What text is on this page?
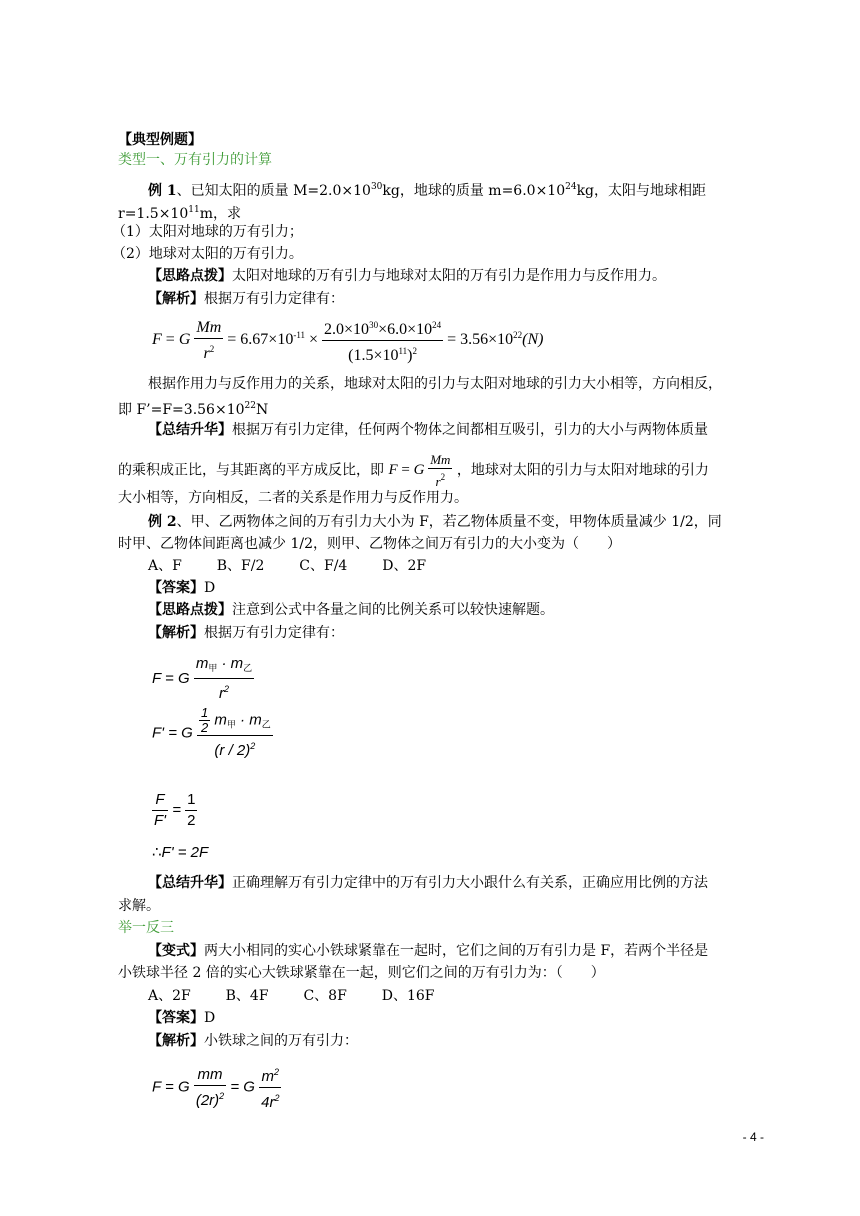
【典型例题】
类型一、万有引力的计算
例 1、已知太阳的质量 $M=2.0\times 10^{30}kg$，地球的质量 $m=6.0\times 10^{24}kg$，太阳与地球相距
$r=1.5\times 10^{11}m$，求
（1）太阳对地球的万有引力；
（2）地球对太阳的万有引力。
【思路点拨】太阳对地球的万有引力与地球对太阳的万有引力是作用力与反作用力。
【解析】根据万有引力定律有：
F = G $\frac{Mm}{r^2} = 6.67\times 10^{-11} \times \frac{2.0\times 10^{30}\times 6.0\times 10^{24}}{(1.5\times 10^{11})^2} = 3.56\times 10^{22}(N)$
根据作用力与反作用力的关系，地球对太阳的引力与太阳对地球的引力大小相等，方向相反，
即 $F’=F=3.56\times 10^{22}N$
【总结升华】根据万有引力定律，任何两个物体之间都相互吸引，引力的大小与两物体质量
的乘积成正比，与其距离的平方成反比，即 F = G $\frac{Mm}{r^2}$ ，地球对太阳的引力与太阳对地球的引力
大小相等，方向相反，二者的关系是作用力与反作用力。
例 2、甲、乙两物体之间的万有引力大小为 F，若乙物体质量不变，甲物体质量减少 1/2，同
时甲、乙物体间距离也减少 1/2，则甲、乙物体之间万有引力的大小变为（　　）
A、F B、F/2 C、F/4 D、2F
【答案】D
【思路点拨】注意到公式中各量之间的比例关系可以较快速解题。
【解析】根据万有引力定律有：
F = G $\frac{m_甲 \cdot m_乙}{r^2}$
F' = G $\frac{\frac{1}{2} m_甲 \cdot m_乙}{(r / 2)^2}$
$\frac{F}{F'} = \frac{1}{2}$
∴F' = 2F
【总结升华】正确理解万有引力定律中的万有引力大小跟什么有关系，正确应用比例的方法
求解。
举一反三
【变式】两大小相同的实心小铁球紧靠在一起时，它们之间的万有引力是 F，若两个半径是
小铁球半径 2 倍的实心大铁球紧靠在一起，则它们之间的万有引力为：（　　）
A、2F B、4F C、8F D、16F
【答案】D
【解析】小铁球之间的万有引力：
F = G $\frac{mm}{(2r)^2} = G \frac{m^2}{4r^2}$
- 4 -
